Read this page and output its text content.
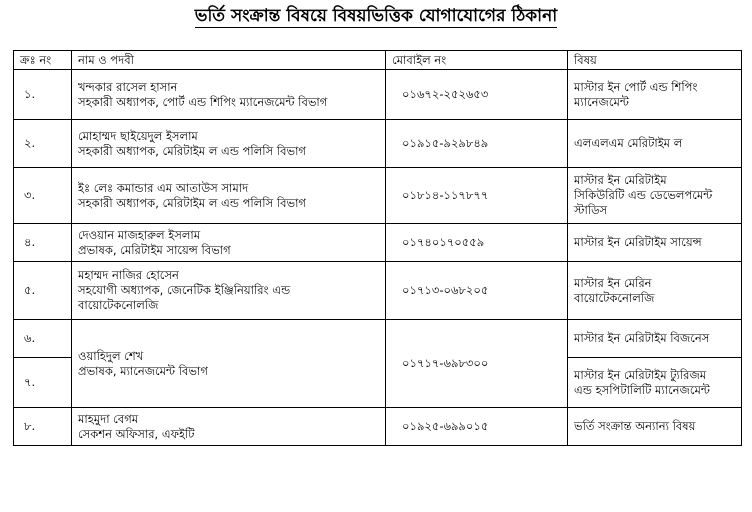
ভর্তি সংক্রান্ত বিষয়ে বিষয়ভিত্তিক যোগাযোগের ঠিকানা
ক্রঃ নং	নাম ও পদবী	মোবাইল নং	বিষয়
১.	খন্দকার রাসেল হাসান
সহকারী অধ্যাপক, পোর্ট এন্ড শিপিং ম্যানেজমেন্ট বিভাগ	০১৬৭২-২৫২৬৫৩	মাস্টার ইন পোর্ট এন্ড শিপিং
ম্যানেজমেন্ট

২.	মোহাম্মদ ছাইয়েদুল ইসলাম
সহকারী অধ্যাপক, মেরিটাইম ল এন্ড পলিসি বিভাগ	০১৯১৫-৯২৯৮৪৯	এলএলএম মেরিটাইম ল

৩.	ইঃ লেঃ কমান্ডার এম আতাউস সামাদ
সহকারী অধ্যাপক, মেরিটাইম ল এন্ড পলিসি বিভাগ	০১৮১৪-১১৭৮৭৭	মাস্টার ইন মেরিটাইম
সিকিউরিটি এন্ড ডেভেলপমেন্ট
স্টাডিস

৪.	দেওয়ান মাজহারুল ইসলাম
প্রভাষক, মেরিটাইম সায়েন্স বিভাগ	০১৭৪০১৭০৫৫৯	মাস্টার ইন মেরিটাইম সায়েন্স

৫.	মহাম্মদ নাজির হোসেন
সহযোগী অধ্যাপক, জেনেটিক ইঞ্জিনিয়ারিং এন্ড
বায়োটেকনোলজি	০১৭১৩-০৬৮২০৫	মাস্টার ইন মেরিন
বায়োটেকনোলজি

৬.	ওয়াহিদুল শেখ
প্রভাষক, ম্যানেজমেন্ট বিভাগ	০১৭১৭-৬৯৮৩০০	মাস্টার ইন মেরিটাইম বিজনেস

৭.			মাস্টার ইন মেরিটাইম ট্যুরিজম
এন্ড হসপিটালিটি ম্যানেজমেন্ট

৮.	মাহমুদা বেগম
সেকশন অফিসার, এফইটি	০১৯২৫-৬৯৯০১৫	ভর্তি সংক্রান্ত অন্যান্য বিষয়
